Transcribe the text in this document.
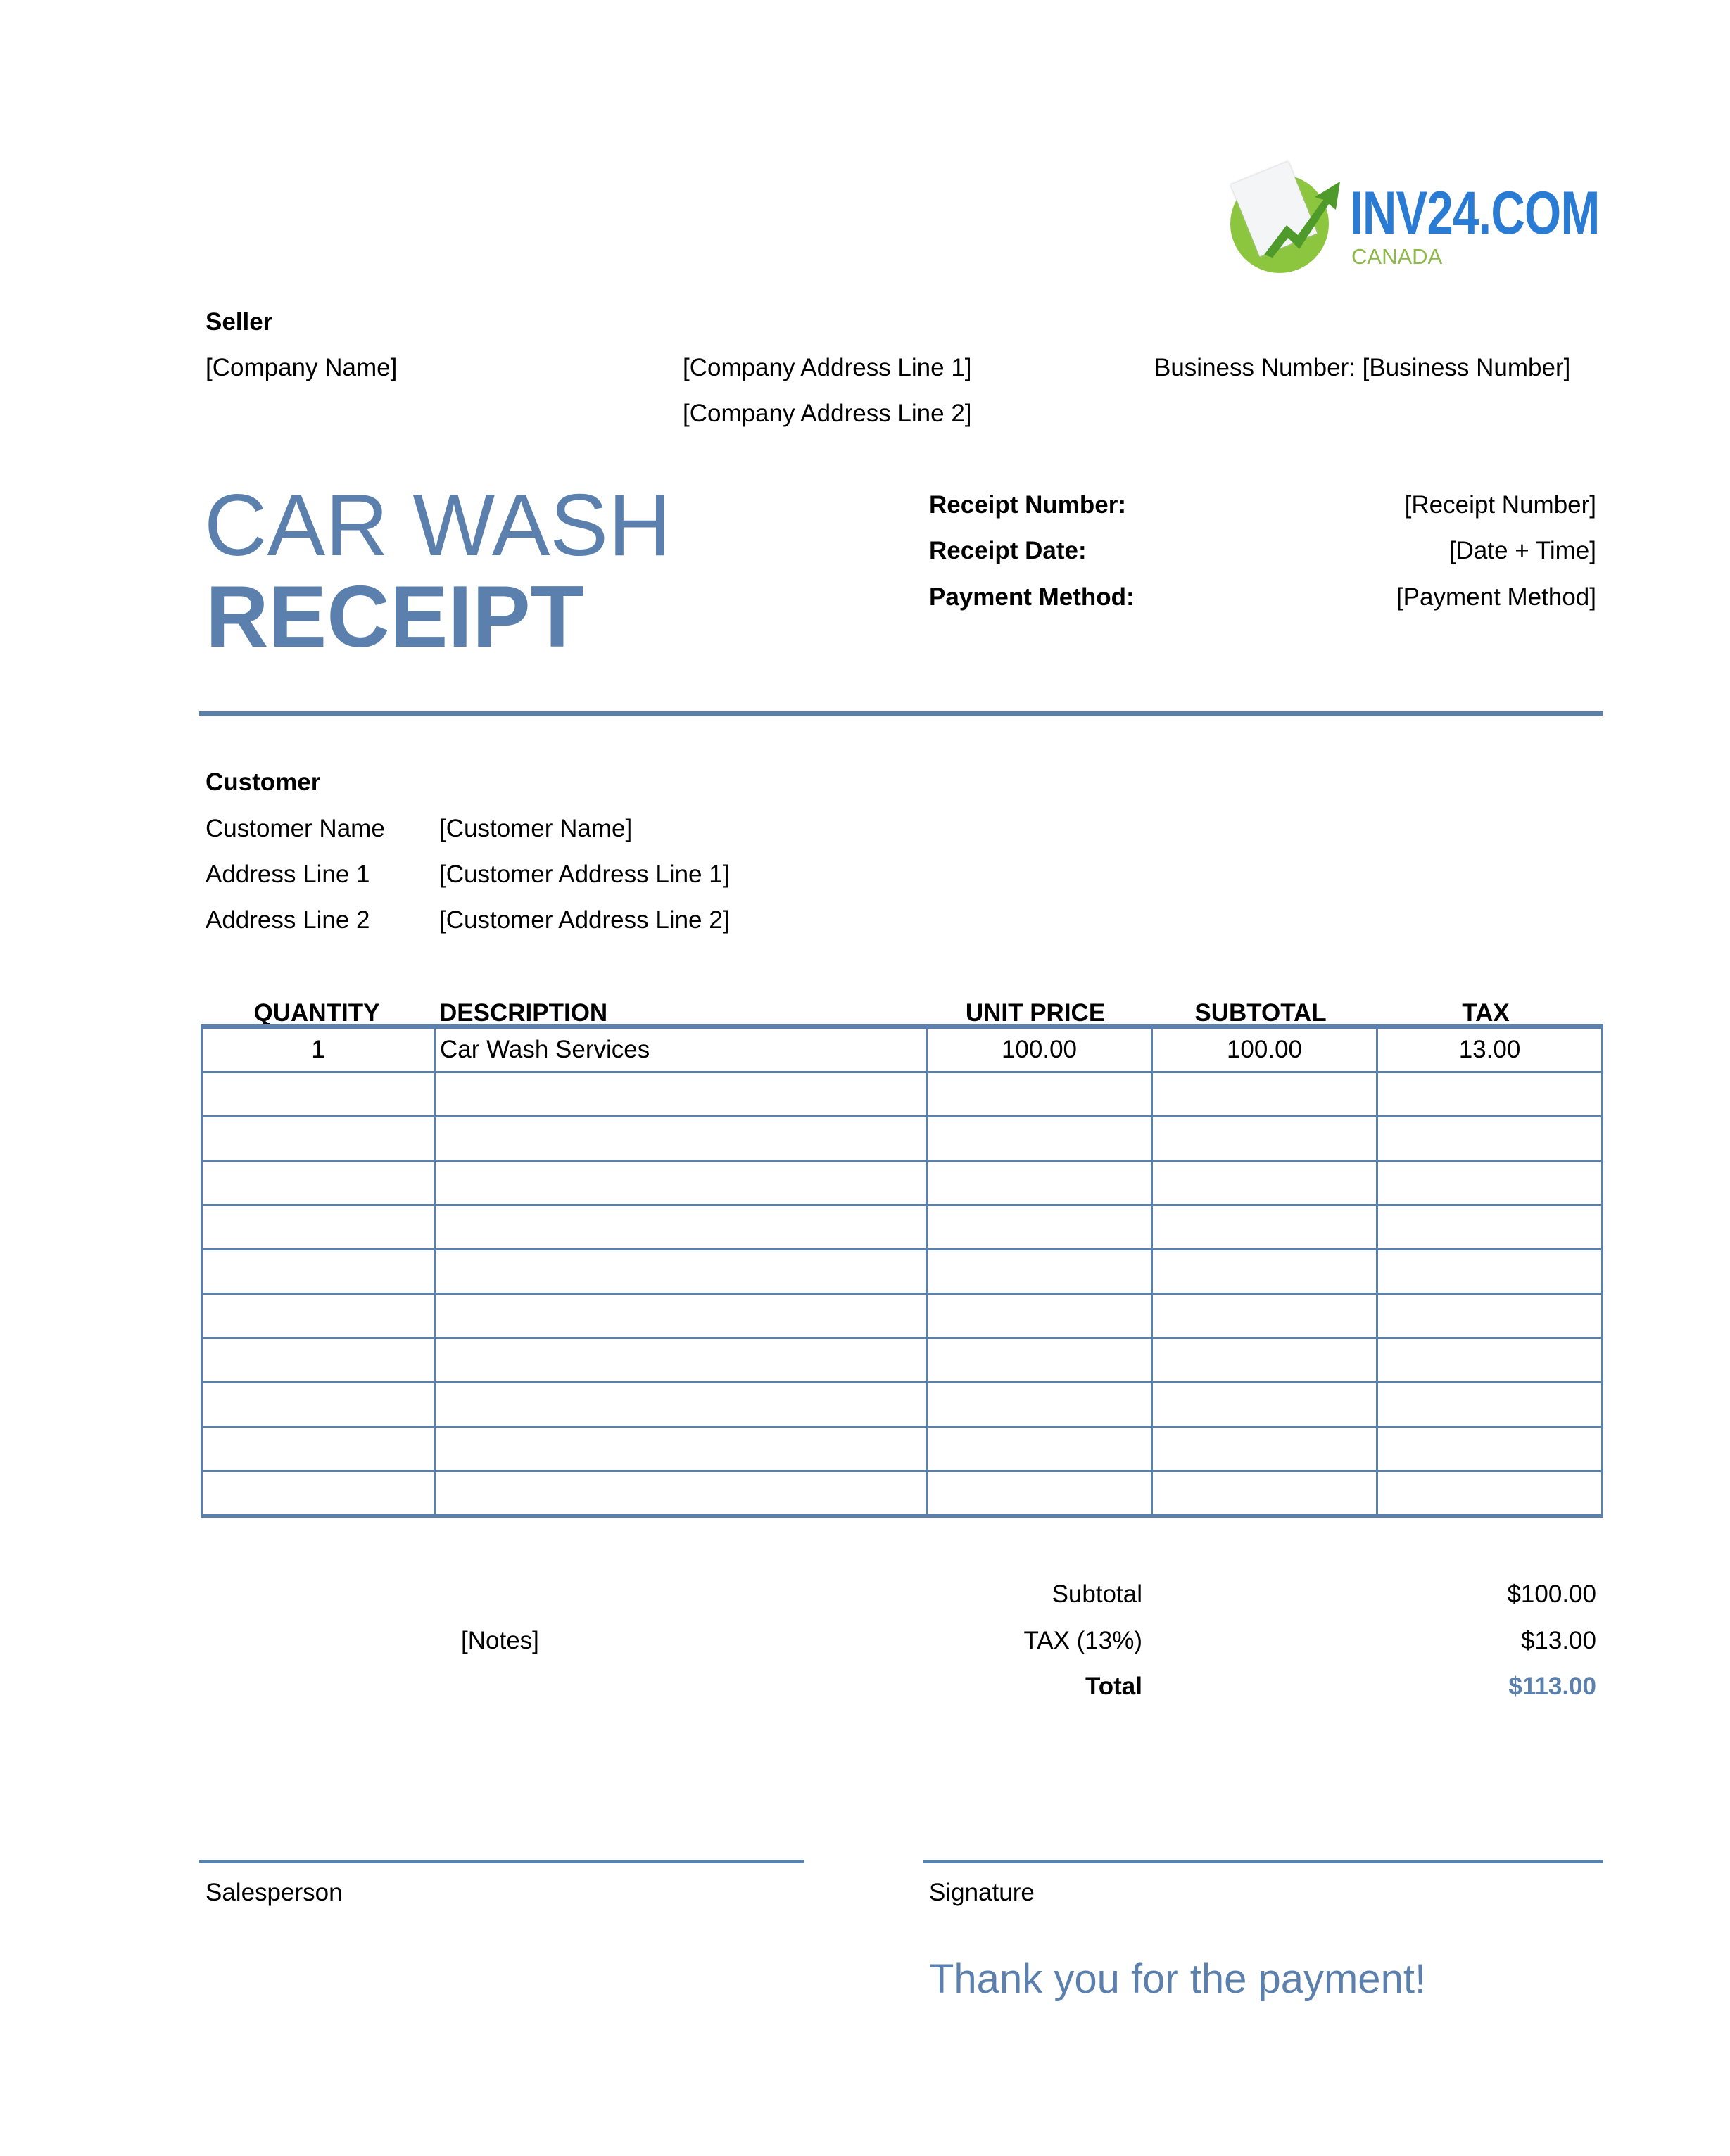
INV24.COM
CANADA
Seller
[Company Name]	[Company Address Line 1]
[Company Address Line 2]
Business Number: [Business Number]
CAR WASH
RECEIPT
Receipt Number:	[Receipt Number]
Receipt Date:	[Date + Time]
Payment Method:	[Payment Method]
Customer
Customer Name [Customer Name]
Address Line 1	[Customer Address Line 1]
Address Line 2	[Customer Address Line 2]
QUANTITY	DESCRIPTION	UNIT PRICE	SUBTOTAL	TAX
1	Car Wash Services	100.00	100.00	13.00

Subtotal	$100.00
[Notes]	TAX (13%)	$13.00
Total	$113.00
Salesperson	Signature
Thank you for the payment!
